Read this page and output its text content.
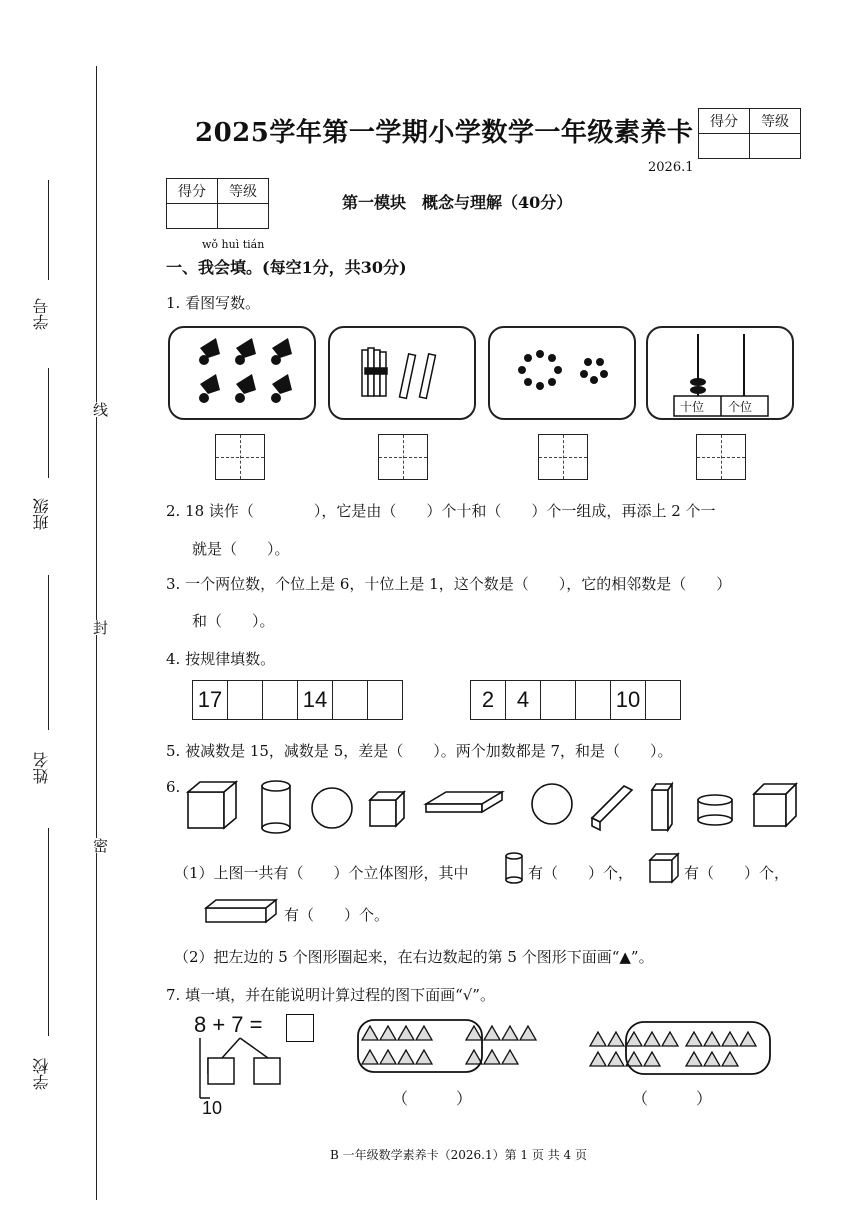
学号
班级
姓名
学校
线
封
密
2025学年第一学期小学数学一年级素养卡 得分	等级

2026.1
得分	等级

第一模块　概念与理解（40分）
wǒ huì tián
一、我会填。(每空1分，共30分)
1. 看图写数。
十位 个位
2. 18 读作（　　　　），它是由（　　）个十和（　　）个一组成，再添上 2 个一
就是（　　）。
3. 一个两位数，个位上是 6，十位上是 1，这个数是（　　），它的相邻数是（　　）
和（　　）。
4. 按规律填数。
17	14	2	4	10
5. 被减数是 15，减数是 5，差是（　　）。两个加数都是 7，和是（　　）。
6.
（1）上图一共有（　　）个立体图形，其中	有（　　）个，	有（　　）个，
有（　　）个。
（2）把左边的 5 个图形圈起来，在右边数起的第 5 个图形下面画“▲”。
7. 填一填，并在能说明计算过程的图下面画“√”。
8 + 7 =
10	（　　　）	（　　　）
B 一年级数学素养卡（2026.1）第 1 页 共 4 页
